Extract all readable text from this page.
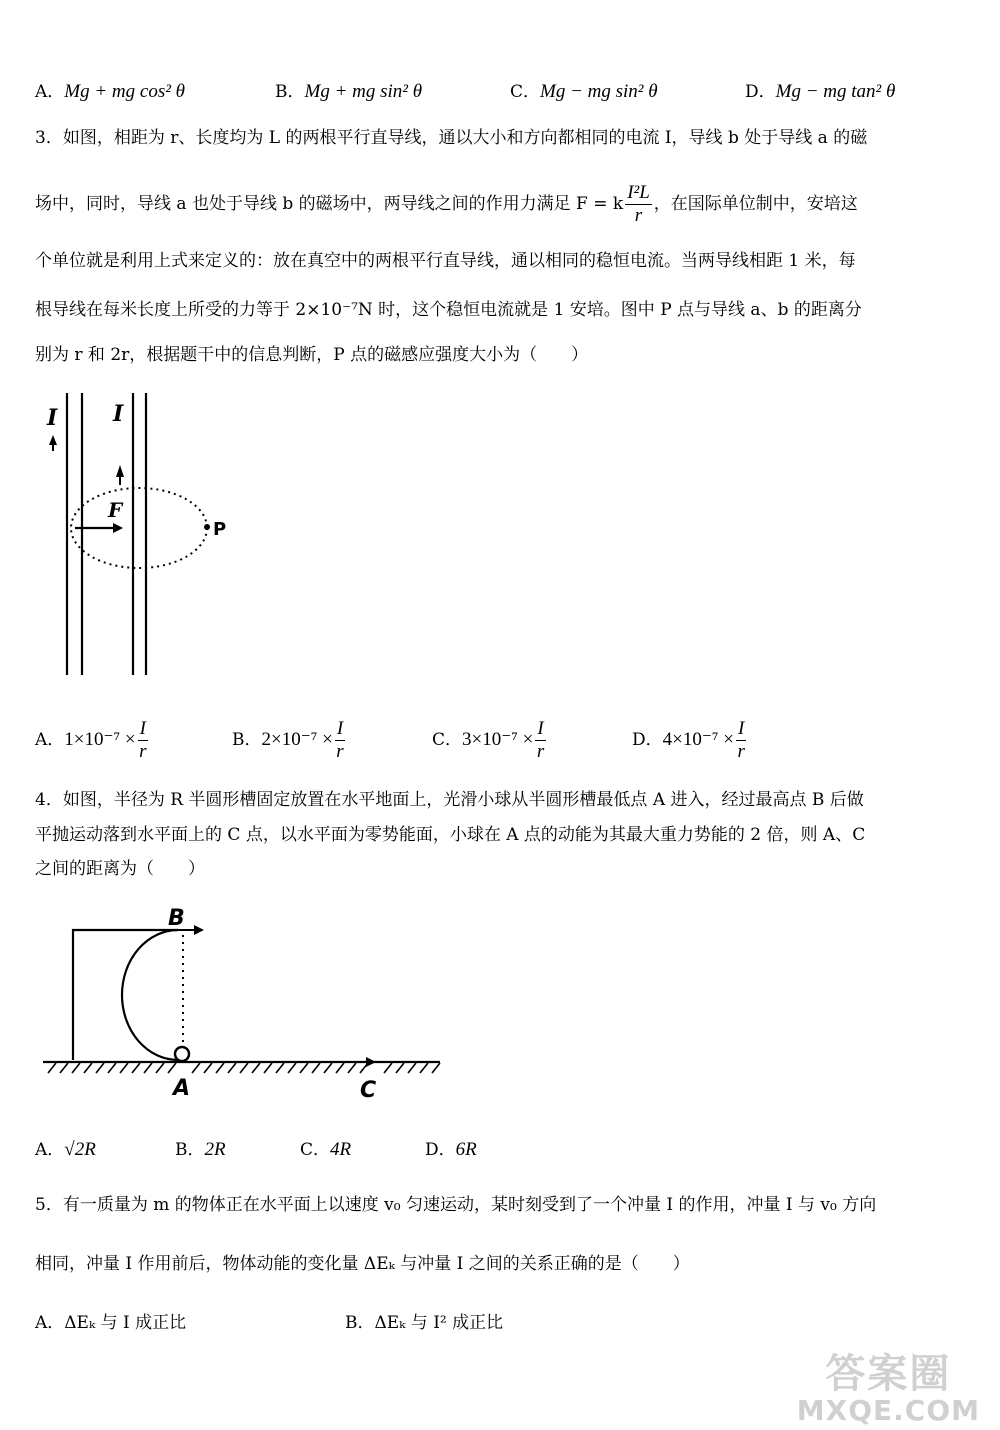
A．Mg + mg cos² θ	B．Mg + mg sin² θ	C．Mg − mg sin² θ	D．Mg − mg tan² θ
3．如图，相距为 r、长度均为 L 的两根平行直导线，通以大小和方向都相同的电流 I，导线 b 处于导线 a 的磁
场中，同时，导线 a 也处于导线 b 的磁场中，两导线之间的作用力满足 F = k $\frac{\text{I²L}}{r}$ ，在国际单位制中，安培这
个单位就是利用上式来定义的：放在真空中的两根平行直导线，通以相同的稳恒电流。当两导线相距 1 米，每
根导线在每米长度上所受的力等于 2×10⁻⁷N 时，这个稳恒电流就是 1 安培。图中 P 点与导线 a、b 的距离分
别为 r 和 2r，根据题干中的信息判断，P 点的磁感应强度大小为（　　）
I	I
F
P
A．$1\times 10^{-7} \times \frac{I}{r}$	B．$2\times 10^{-7} \times \frac{I}{r}$	C．$3\times 10^{-7} \times \frac{I}{r}$	D．$4\times 10^{-7} \times \frac{I}{r}$
4．如图，半径为 R 半圆形槽固定放置在水平地面上，光滑小球从半圆形槽最低点 A 进入，经过最高点 B 后做
平抛运动落到水平面上的 C 点，以水平面为零势能面，小球在 A 点的动能为其最大重力势能的 2 倍，则 A、C
之间的距离为（　　）
B
A	C
A．√2R	B．2R	C．4R	D．6R
5．有一质量为 m 的物体正在水平面上以速度 v₀ 匀速运动，某时刻受到了一个冲量 I 的作用，冲量 I 与 v₀ 方向
相同，冲量 I 作用前后，物体动能的变化量 ΔEₖ 与冲量 I 之间的关系正确的是（　　）
A．ΔEₖ 与 I 成正比	B．ΔEₖ 与 I² 成正比
答案圈
MXQE.COM
